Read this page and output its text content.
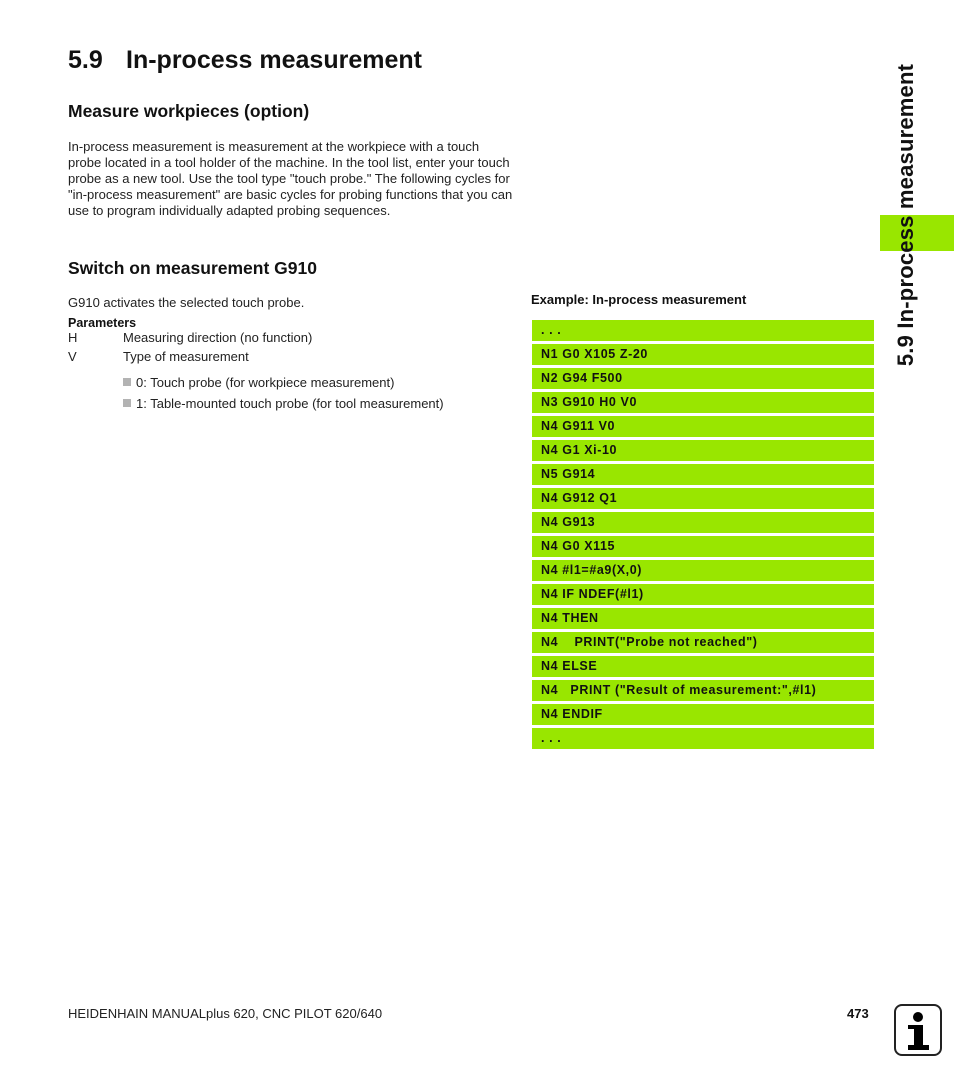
5.9 In-process measurement
Measure workpieces (option)

In-process measurement is measurement at the workpiece with a touch probe located in a tool holder of the machine. In the tool list, enter your touch probe as a new tool. Use the tool type "touch probe." The following cycles for "in-process measurement" are basic cycles for probing functions that you can use to program individually adapted probing sequences.

Switch on measurement G910

G910 activates the selected touch probe.

Parameters
H	Measuring direction (no function)
V	Type of measurement
0: Touch probe (for workpiece measurement)
1: Table-mounted touch probe (for tool measurement)
Example: In-process measurement
. . .
N1 G0 X105 Z-20
N2 G94 F500
N3 G910 H0 V0
N4 G911 V0
N4 G1 Xi-10
N5 G914
N4 G912 Q1
N4 G913
N4 G0 X115
N4 #l1=#a9(X,0)
N4 IF NDEF(#l1)
N4 THEN
N4    PRINT("Probe not reached")
N4 ELSE
N4   PRINT ("Result of measurement:",#l1)
N4 ENDIF
. . .
5.9 In-process measurement
HEIDENHAIN MANUALplus 620, CNC PILOT 620/640	473
